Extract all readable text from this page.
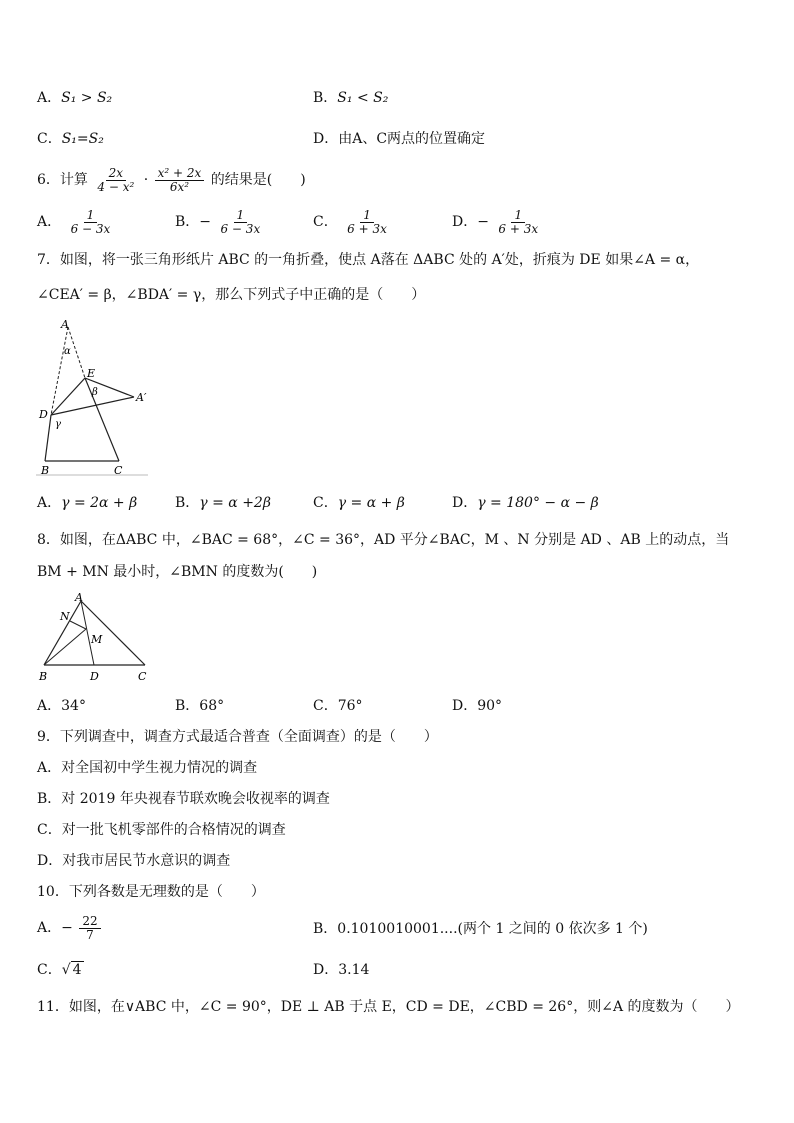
A．S₁ > S₂	B．S₁ < S₂
C．S₁=S₂	D．由A、C两点的位置确定
6．计算 $\frac{2x}{\text{4 − x²}} \cdot \frac{\text{x² + 2x}}{\text{6x²}}$ 的结果是(　　)
A． $\frac{1}{6 - 3x}$	B．− $\frac{1}{6 - 3x}$	C． $\frac{1}{6 + 3x}$	D．− $\frac{1}{6 + 3x}$
7．如图，将一张三角形纸片 ABC 的一角折叠，使点 A落在 ΔABC 处的 A′处，折痕为 DE 如果∠A = α，
∠CEA′ = β，∠BDA′ = γ，那么下列式子中正确的是（　　）
A
α
E
β	A′
D
γ
B	C
A．γ = 2α + β	B．γ = α +2β	C．γ = α + β	D．γ = 180° − α − β
8．如图，在ΔABC 中，∠BAC = 68°，∠C = 36°，AD 平分∠BAC，M 、N 分别是 AD 、AB 上的动点，当
BM + MN 最小时，∠BMN 的度数为(　　)
A
N
M
B	D	C
A．34°	B．68°	C．76°	D．90°
9．下列调查中，调查方式最适合普查（全面调查）的是（　　）
A．对全国初中学生视力情况的调查
B．对 2019 年央视春节联欢晚会收视率的调查
C．对一批飞机零部件的合格情况的调查
D．对我市居民节水意识的调查
10．下列各数是无理数的是（　　）
A．− $\frac{22}{7}$	B．0.1010010001....(两个 1 之间的 0 依次多 1 个)
C．√ 4	D．3.14
11．如图，在∨ABC 中，∠C = 90°，DE ⊥ AB 于点 E，CD = DE，∠CBD = 26°，则∠A 的度数为（　　）
